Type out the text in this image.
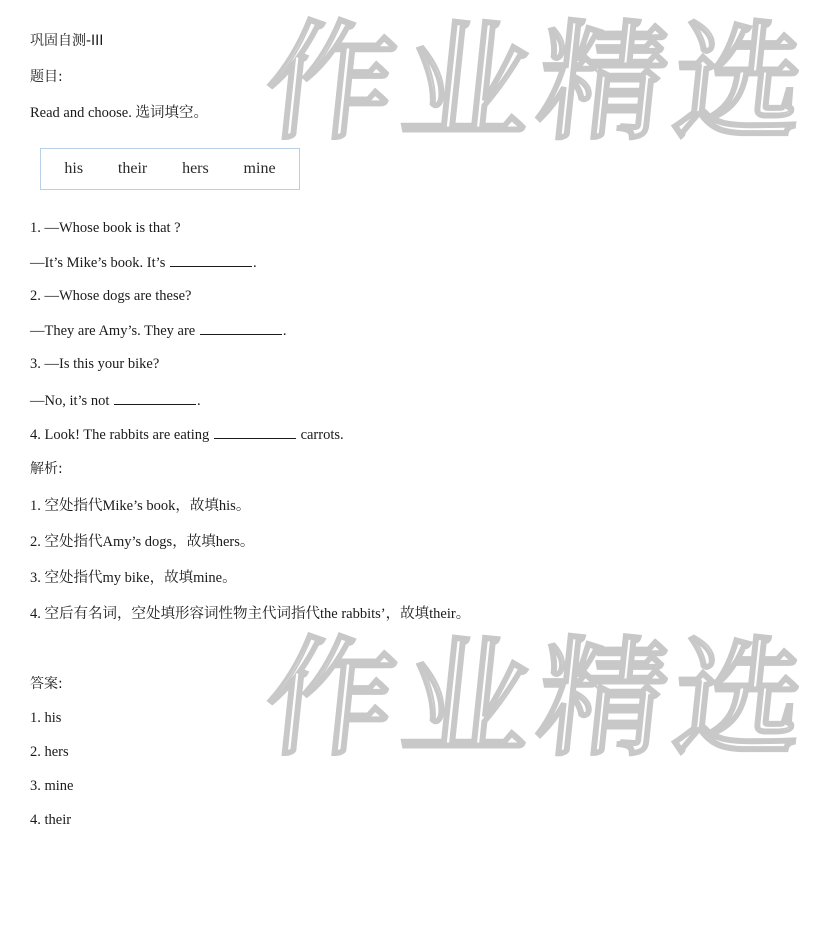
作业精选
作业精选
巩固自测-III
题目:
Read and choose. 选词填空。
his their hers mine
1. —Whose book is that ?
—It’s Mike’s book. It’s	.
2. —Whose dogs are these?
—They are Amy’s. They are	.
3. —Is this your bike?
—No, it’s not	.
4. Look! The rabbits are eating	carrots.
解析:
1. 空处指代Mike’s book，故填his。
2. 空处指代Amy’s dogs，故填hers。
3. 空处指代my bike，故填mine。
4. 空后有名词，空处填形容词性物主代词指代the rabbits’，故填their。
答案:
1. his
2. hers
3. mine
4. their
